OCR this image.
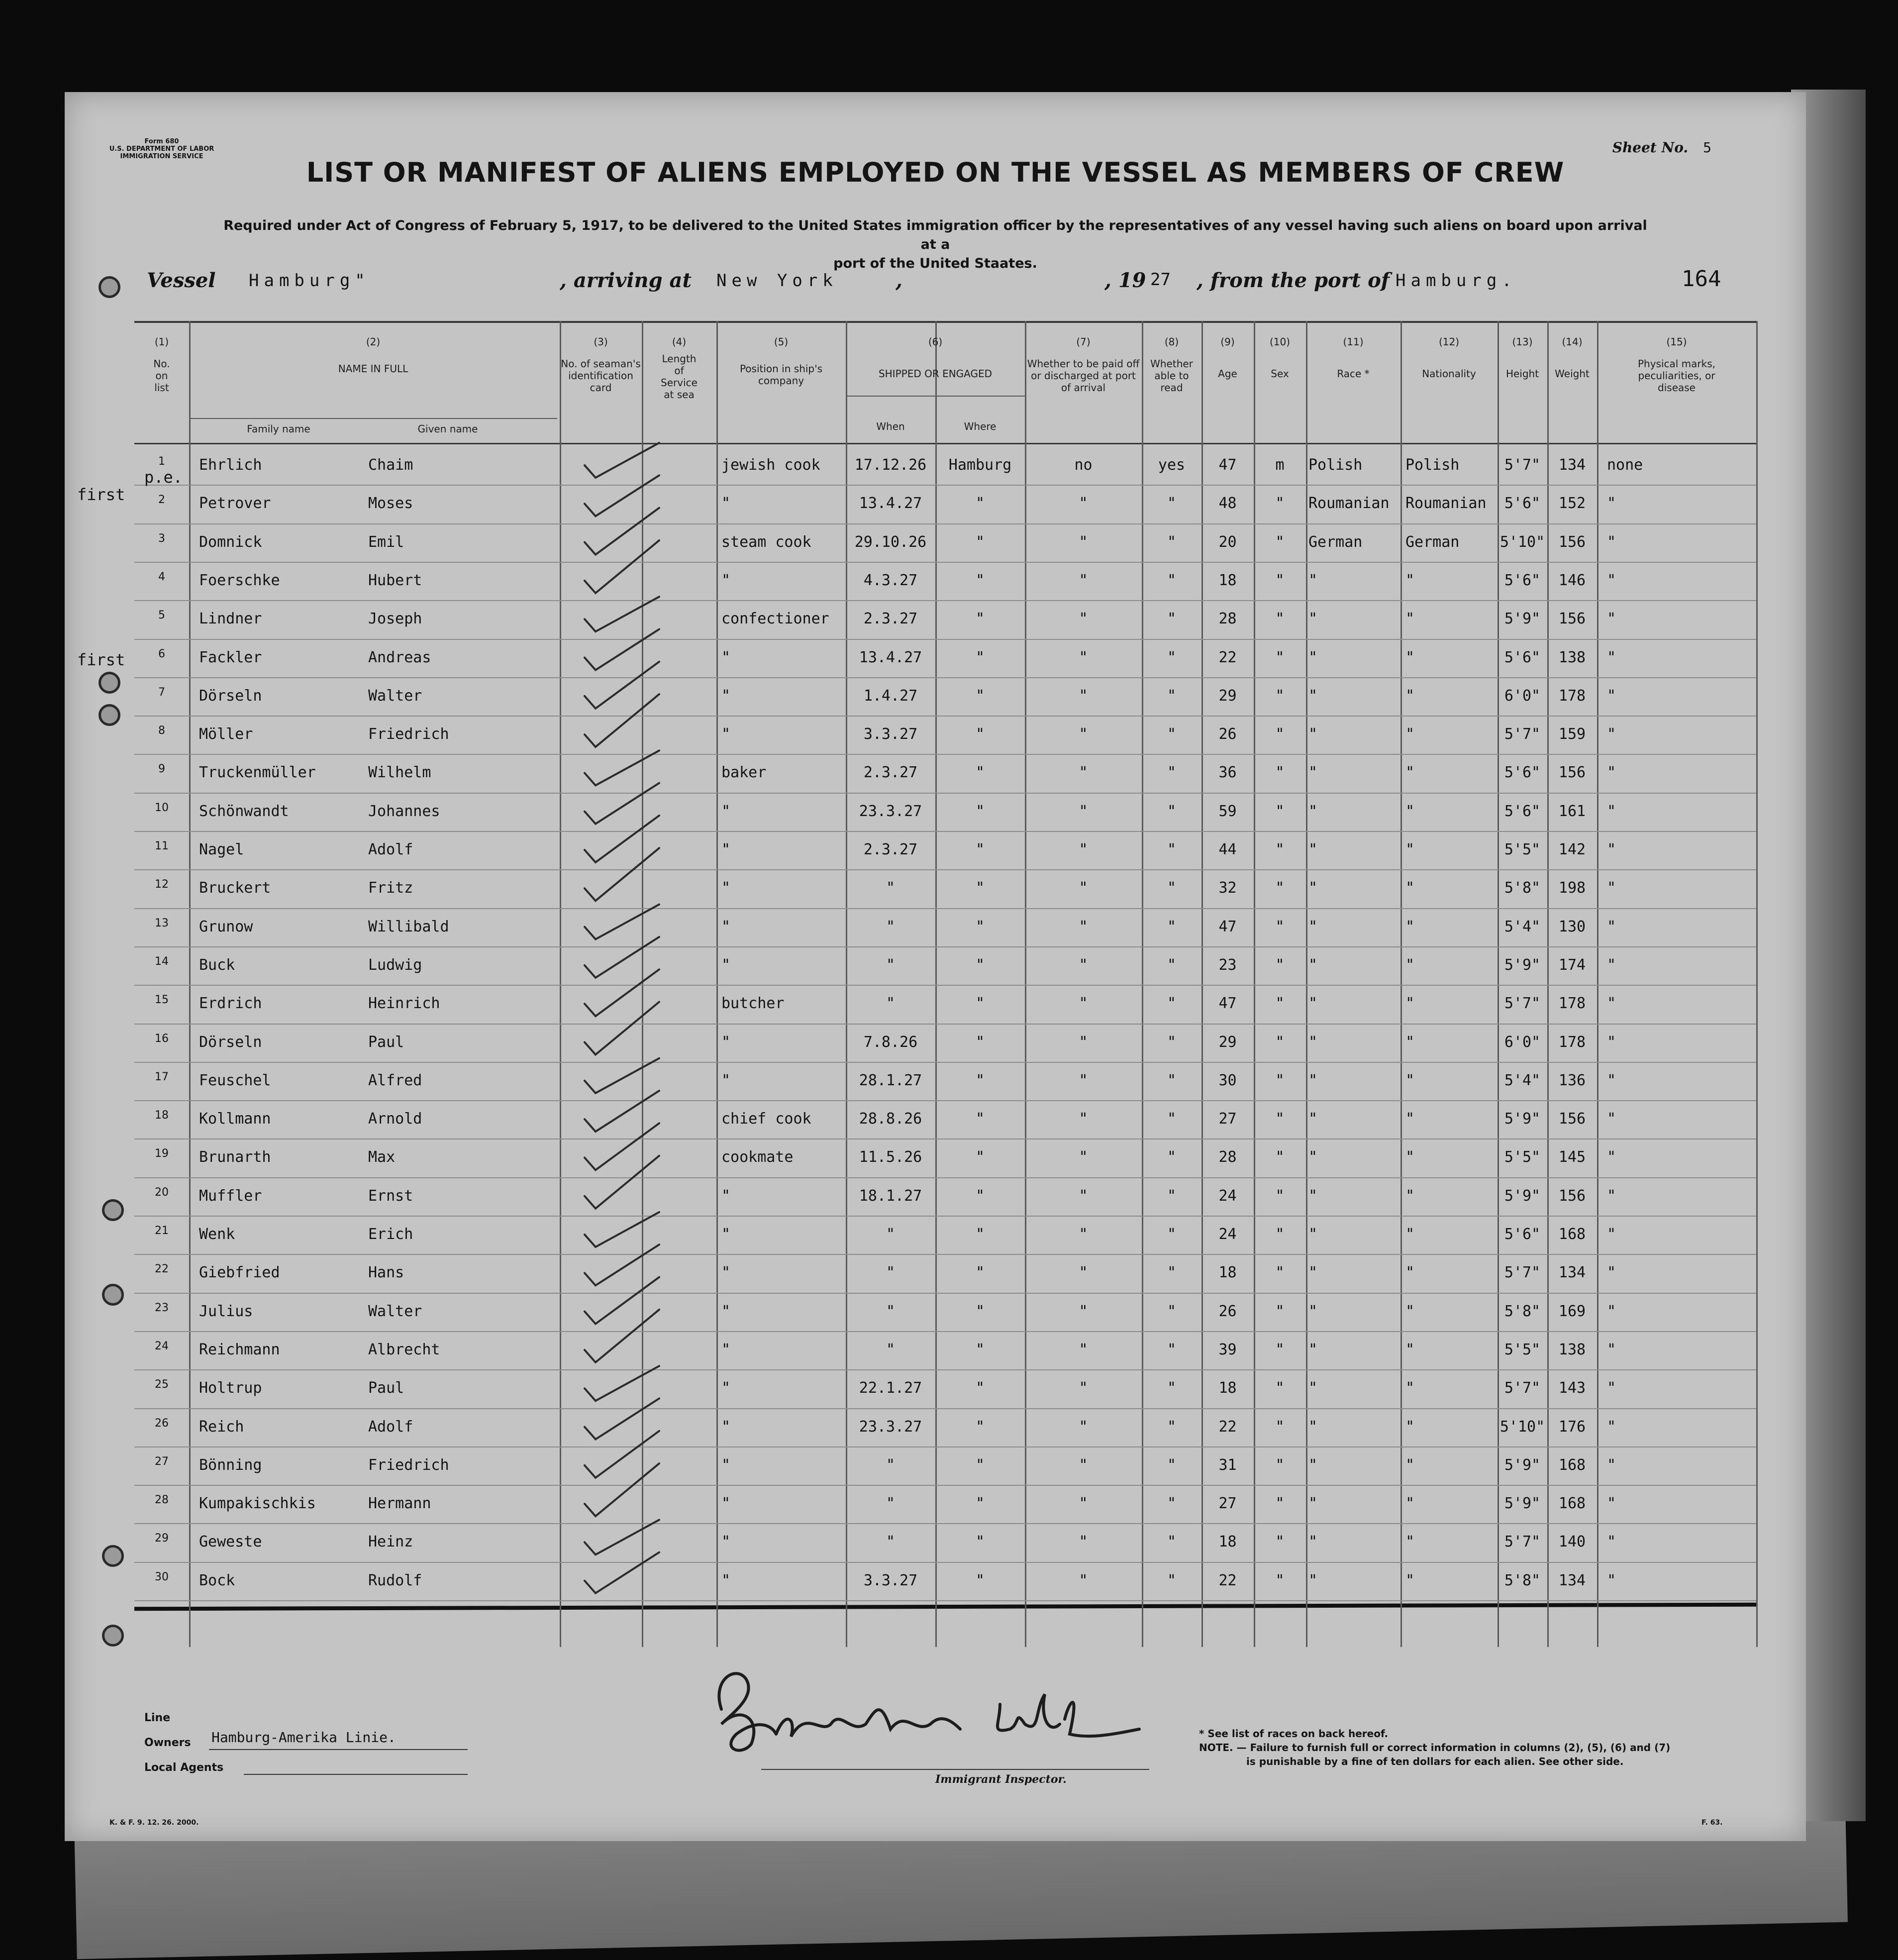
Form 680
U.S. DEPARTMENT OF LABOR
IMMIGRATION SERVICE
Sheet No. 5
LIST OR MANIFEST OF ALIENS EMPLOYED ON THE VESSEL AS MEMBERS OF CREW
Required under Act of Congress of February 5, 1917, to be delivered to the United States immigration officer by the representatives of any vessel having such aliens on board upon arrival at a
port of the United Staates.
Vessel Hamburg"	, arriving at New York	,	, 19 27 , from the port of Hamburg.	164
(1)
No. on list
(2)
NAME IN FULL
Family name	Given name
(3)
No. of seaman's identification card
(4)
Length of Service at sea
(5)
Position in ship's company
(6)
SHIPPED OR ENGAGED
When	Where
(7)
Whether to be paid off or discharged at port of arrival
(8)
Whether able to read
(9)
Age
(10)
Sex
(11)
Race *
(12)
Nationality
(13)
Height
(14)
Weight
(15)
Physical marks, peculiarities, or disease
1	Ehrlich	Chaim	jewish cook	17.12.26	Hamburg	no	yes	47	m	Polish	Polish	5'7"	134	none
2	Petrover	Moses	"	13.4.27	"	"	"	48	"	Roumanian	Roumanian	5'6"	152	"
3	Domnick	Emil	steam cook	29.10.26	"	"	"	20	"	German	German	5'10" 156	"
4	Foerschke	Hubert	"	4.3.27	"	"	"	18	"	"	"	5'6"	146	"
5	Lindner	Joseph	confectioner	2.3.27	"	"	"	28	"	"	"	5'9"	156	"
6	Fackler	Andreas	"	13.4.27	"	"	"	22	"	"	"	5'6"	138	"
7	Dörseln	Walter	"	1.4.27	"	"	"	29	"	"	"	6'0"	178	"
8	Möller	Friedrich	"	3.3.27	"	"	"	26	"	"	"	5'7"	159	"
9	Truckenmüller	Wilhelm	baker	2.3.27	"	"	"	36	"	"	"	5'6"	156	"
10	Schönwandt	Johannes	"	23.3.27	"	"	"	59	"	"	"	5'6"	161	"
11	Nagel	Adolf	"	2.3.27	"	"	"	44	"	"	"	5'5"	142	"
12	Bruckert	Fritz	"	"	"	"	"	32	"	"	"	5'8"	198	"
13	Grunow	Willibald	"	"	"	"	"	47	"	"	"	5'4"	130	"
14	Buck	Ludwig	"	"	"	"	"	23	"	"	"	5'9"	174	"
15	Erdrich	Heinrich	butcher	"	"	"	"	47	"	"	"	5'7"	178	"
16	Dörseln	Paul	"	7.8.26	"	"	"	29	"	"	"	6'0"	178	"
17	Feuschel	Alfred	"	28.1.27	"	"	"	30	"	"	"	5'4"	136	"
18	Kollmann	Arnold	chief cook	28.8.26	"	"	"	27	"	"	"	5'9"	156	"
19	Brunarth	Max	cookmate	11.5.26	"	"	"	28	"	"	"	5'5"	145	"
20	Muffler	Ernst	"	18.1.27	"	"	"	24	"	"	"	5'9"	156	"
21	Wenk	Erich	"	"	"	"	"	24	"	"	"	5'6"	168	"
22	Giebfried	Hans	"	"	"	"	"	18	"	"	"	5'7"	134	"
23	Julius	Walter	"	"	"	"	"	26	"	"	"	5'8"	169	"
24	Reichmann	Albrecht	"	"	"	"	"	39	"	"	"	5'5"	138	"
25	Holtrup	Paul	"	22.1.27	"	"	"	18	"	"	"	5'7"	143	"
26	Reich	Adolf	"	23.3.27	"	"	"	22	"	"	"	5'10" 176	"
27	Bönning	Friedrich	"	"	"	"	"	31	"	"	"	5'9"	168	"
28	Kumpakischkis	Hermann	"	"	"	"	"	27	"	"	"	5'9"	168	"
29	Geweste	Heinz	"	"	"	"	"	18	"	"	"	5'7"	140	"
30	Bock	Rudolf	"	3.3.27	"	"	"	22	"	"	"	5'8"	134	"
p.e.
first
first
Line
Owners Hamburg-Amerika Linie.
Local Agents
Immigrant Inspector.
* See list of races on back hereof.
NOTE. — Failure to furnish full or correct information in columns (2), (5), (6) and (7)
is punishable by a fine of ten dollars for each alien. See other side.
K. & F. 9. 12. 26. 2000.	F. 63.
